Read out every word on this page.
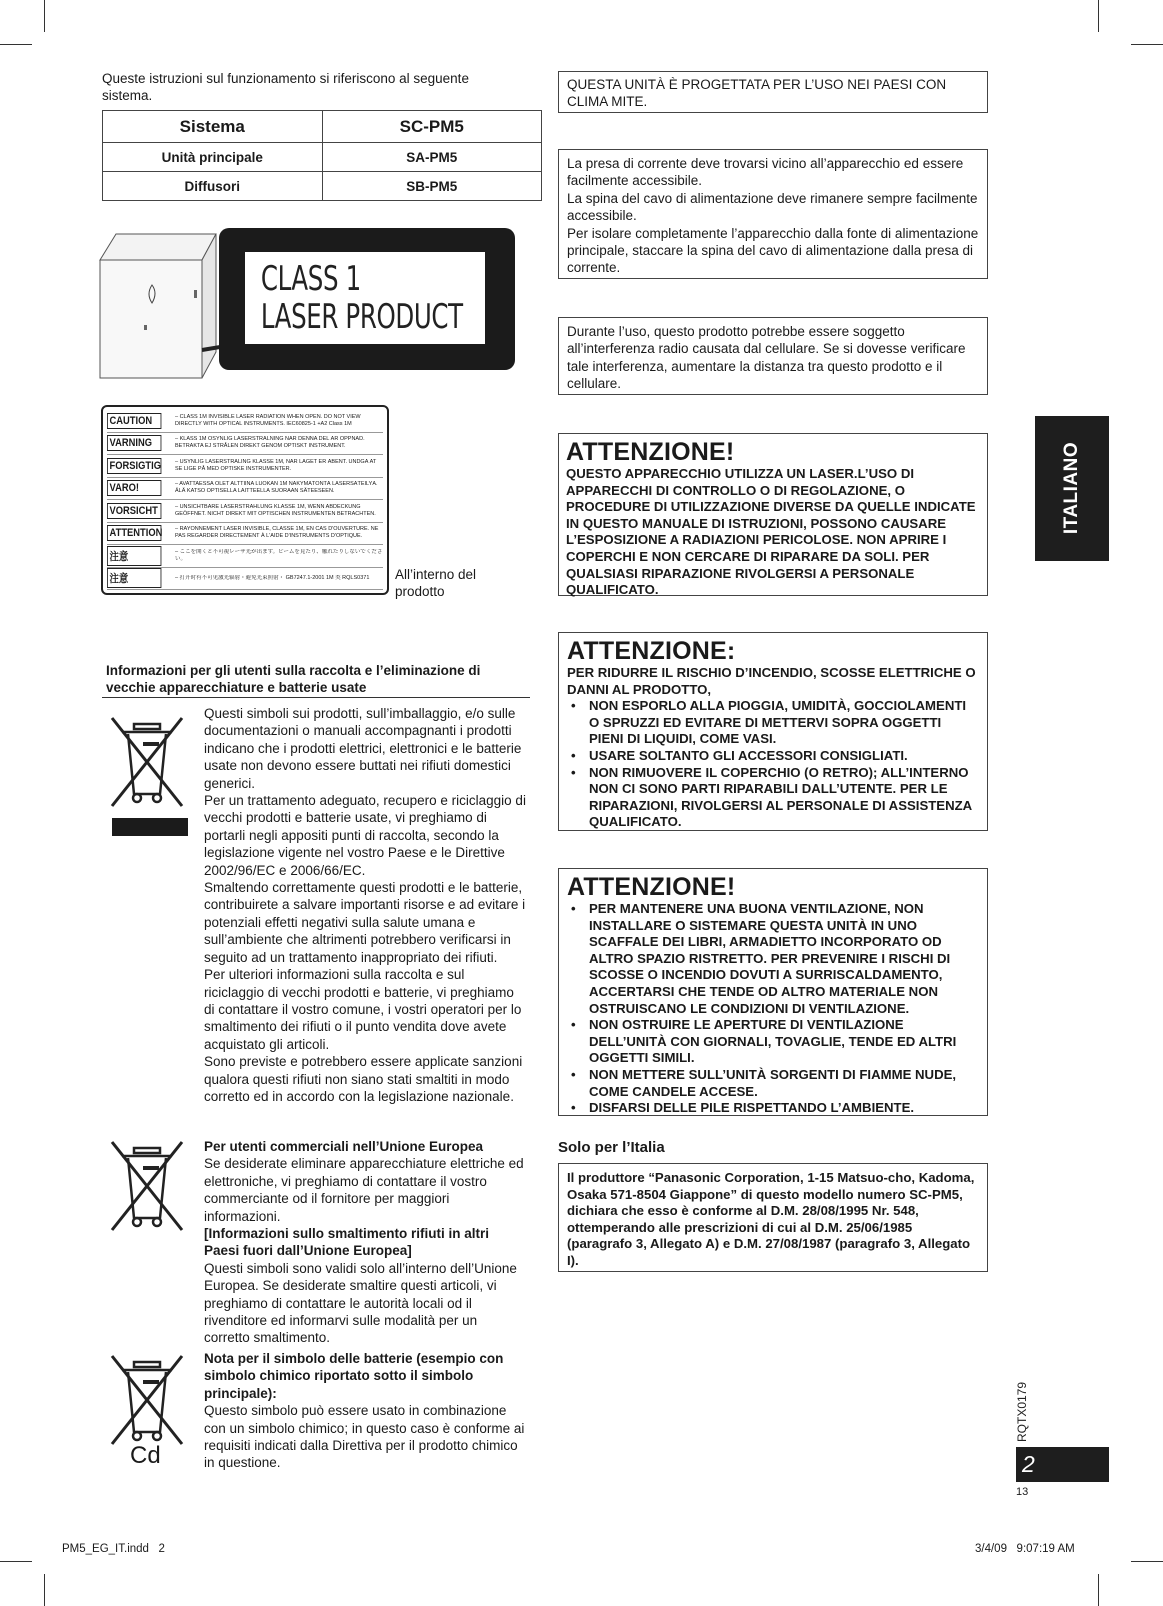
Queste istruzioni sul funzionamento si riferiscono al seguente sistema.
Sistema	SC-PM5
Unità principale	SA-PM5
Diffusori	SB-PM5
CLASS 1
LASER PRODUCT
CAUTION	– CLASS 1M INVISIBLE LASER RADIATION WHEN OPEN. DO NOT VIEW DIRECTLY WITH OPTICAL INSTRUMENTS. IEC60825-1 +A2 Class 1M
VARNING	– KLASS 1M OSYNLIG LASERSTRÅLNING NÄR DENNA DEL ÄR ÖPPNAD. BETRAKTA EJ STRÅLEN DIREKT GENOM OPTISKT INSTRUMENT.
FORSIGTIG	– USYNLIG LASERSTRÅLING KLASSE 1M, NÅR LÅGET ER ÅBENT. UNDGÅ AT SE LIGE PÅ MED OPTISKE INSTRUMENTER.
VARO!	– AVATTAESSA OLET ALTTIINA LUOKAN 1M NÄKYMÄTÖNTÄ LASERSÄTEILYÄ. ÄLÄ KATSO OPTISELLA LAITTEELLA SUORAAN SÄTEESEEN.
VORSICHT	– UNSICHTBARE LASERSTRAHLUNG KLASSE 1M, WENN ABDECKUNG GEÖFFNET. NICHT DIREKT MIT OPTISCHEN INSTRUMENTEN BETRACHTEN.
ATTENTION – RAYONNEMENT LASER INVISIBLE, CLASSE 1M, EN CAS D'OUVERTURE. NE PAS REGARDER DIRECTEMENT À L'AIDE D'INSTRUMENTS D'OPTIQUE.
注意	– ここを開くと不可視レーザ光が出ます。ビームを見たり、触れたりしないでください。
注意	– 打开时有不可见激光辐射・避免光束照射・ GB7247.1-2001 1M 类 RQLS0371	All’interno del prodotto
Informazioni per gli utenti sulla raccolta e l’eliminazione di vecchie apparecchiature e batterie usate
Questi simboli sui prodotti, sull’imballaggio, e/o sulle documentazioni o manuali accompagnanti i prodotti indicano che i prodotti elettrici, elettronici e le batterie usate non devono essere buttati nei rifiuti domestici generici.
Per un trattamento adeguato, recupero e riciclaggio di vecchi prodotti e batterie usate, vi preghiamo di portarli negli appositi punti di raccolta, secondo la legislazione vigente nel vostro Paese e le Direttive 2002/96/EC e 2006/66/EC.
Smaltendo correttamente questi prodotti e le batterie, contribuirete a salvare importanti risorse e ad evitare i potenziali effetti negativi sulla salute umana e sull’ambiente che altrimenti potrebbero verificarsi in seguito ad un trattamento inappropriato dei rifiuti.
Per ulteriori informazioni sulla raccolta e sul riciclaggio di vecchi prodotti e batterie, vi preghiamo di contattare il vostro comune, i vostri operatori per lo smaltimento dei rifiuti o il punto vendita dove avete acquistato gli articoli.
Sono previste e potrebbero essere applicate sanzioni qualora questi rifiuti non siano stati smaltiti in modo corretto ed in accordo con la legislazione nazionale.
Per utenti commerciali nell’Unione Europea
Se desiderate eliminare apparecchiature elettriche ed elettroniche, vi preghiamo di contattare il vostro commerciante od il fornitore per maggiori informazioni.
[Informazioni sullo smaltimento rifiuti in altri Paesi fuori dall’Unione Europea]
Questi simboli sono validi solo all’interno dell’Unione Europea. Se desiderate smaltire questi articoli, vi preghiamo di contattare le autorità locali od il rivenditore ed informarvi sulle modalità per un corretto smaltimento.
Cd
Nota per il simbolo delle batterie (esempio con simbolo chimico riportato sotto il simbolo principale):
Questo simbolo può essere usato in combinazione con un simbolo chimico; in questo caso è conforme ai requisiti indicati dalla Direttiva per il prodotto chimico in questione.
QUESTA UNITÀ È PROGETTATA PER L’USO NEI PAESI CON CLIMA MITE.
La presa di corrente deve trovarsi vicino all’apparecchio ed essere facilmente accessibile.
La spina del cavo di alimentazione deve rimanere sempre facilmente accessibile.
Per isolare completamente l’apparecchio dalla fonte di alimentazione principale, staccare la spina del cavo di alimentazione dalla presa di corrente.
Durante l’uso, questo prodotto potrebbe essere soggetto all’interferenza radio causata dal cellulare. Se si dovesse verificare tale interferenza, aumentare la distanza tra questo prodotto e il cellulare.
ATTENZIONE!
QUESTO APPARECCHIO UTILIZZA UN LASER.L’USO DI APPARECCHI DI CONTROLLO O DI REGOLAZIONE, O PROCEDURE DI UTILIZZAZIONE DIVERSE DA QUELLE INDICATE IN QUESTO MANUALE DI ISTRUZIONI, POSSONO CAUSARE L’ESPOSIZIONE A RADIAZIONI PERICOLOSE. NON APRIRE I COPERCHI E NON CERCARE DI RIPARARE DA SOLI. PER QUALSIASI RIPARAZIONE RIVOLGERSI A PERSONALE QUALIFICATO.
ATTENZIONE:
PER RIDURRE IL RISCHIO D’INCENDIO, SCOSSE ELETTRICHE O DANNI AL PRODOTTO,
• NON ESPORLO ALLA PIOGGIA, UMIDITÀ, GOCCIOLAMENTI O SPRUZZI ED EVITARE DI METTERVI SOPRA OGGETTI PIENI DI LIQUIDI, COME VASI.
• USARE SOLTANTO GLI ACCESSORI CONSIGLIATI.
• NON RIMUOVERE IL COPERCHIO (O RETRO); ALL’INTERNO NON CI SONO PARTI RIPARABILI DALL’UTENTE. PER LE RIPARAZIONI, RIVOLGERSI AL PERSONALE DI ASSISTENZA QUALIFICATO.
ATTENZIONE!
• PER MANTENERE UNA BUONA VENTILAZIONE, NON INSTALLARE O SISTEMARE QUESTA UNITÀ IN UNO SCAFFALE DEI LIBRI, ARMADIETTO INCORPORATO OD ALTRO SPAZIO RISTRETTO. PER PREVENIRE I RISCHI DI SCOSSE O INCENDIO DOVUTI A SURRISCALDAMENTO, ACCERTARSI CHE TENDE OD ALTRO MATERIALE NON OSTRUISCANO LE CONDIZIONI DI VENTILAZIONE.
• NON OSTRUIRE LE APERTURE DI VENTILAZIONE DELL’UNITÀ CON GIORNALI, TOVAGLIE, TENDE ED ALTRI OGGETTI SIMILI.
• NON METTERE SULL’UNITÀ SORGENTI DI FIAMME NUDE, COME CANDELE ACCESE.
• DISFARSI DELLE PILE RISPETTANDO L’AMBIENTE.
Solo per l’Italia
Il produttore “Panasonic Corporation, 1-15 Matsuo-cho, Kadoma, Osaka 571-8504 Giappone” di questo modello numero SC-PM5, dichiara che esso è conforme al D.M. 28/08/1995 Nr. 548, ottemperando alle prescrizioni di cui al D.M. 25/06/1985 (paragrafo 3, Allegato A) e D.M. 27/08/1987 (paragrafo 3, Allegato I).
ITALIANO
RQTX0179
2
13
PM5_EG_IT.indd   2	3/4/09   9:07:19 AM
